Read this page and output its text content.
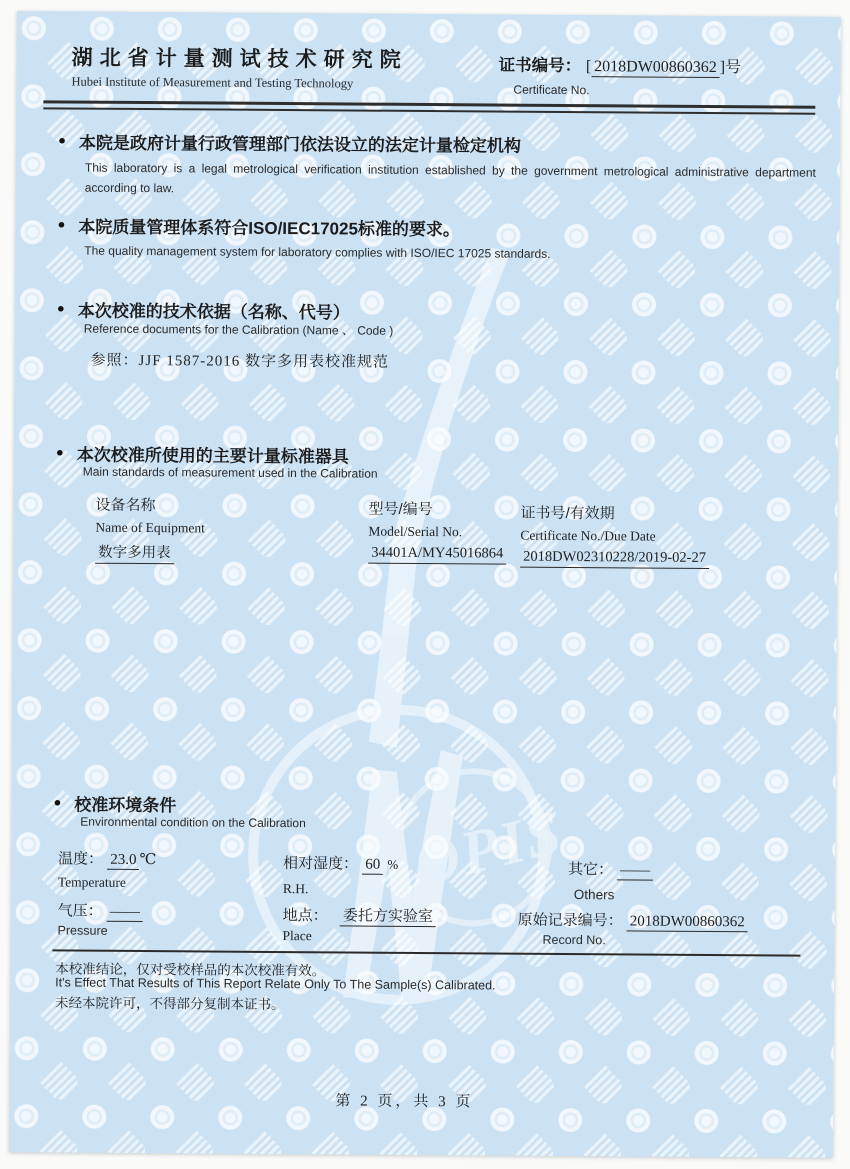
OPIS
湖北省计量测试技术研究院
Hubei Institute of Measurement and Testing Technology
证书编号： [ 2018DW00860362 ]号
Certificate No.
● 本院是政府计量行政管理部门依法设立的法定计量检定机构
This laboratory is a legal metrological verification institution established by the government metrological administrative department
according to law.
● 本院质量管理体系符合ISO/IEC17025标准的要求。
The quality management system for laboratory complies with ISO/IEC 17025 standards.
● 本次校准的技术依据（名称、代号）
Reference documents for the Calibration (Name 、 Code )
参照：JJF 1587-2016 数字多用表校准规范
● 本次校准所使用的主要计量标准器具
Main standards of measurement used in the Calibration
设备名称
Name of Equipment
数字多用表
型号/编号
Model/Serial No.
34401A/MY45016864
证书号/有效期
Certificate No./Due Date
2018DW02310228/2019-02-27
● 校准环境条件
Environmental condition on the Calibration
温度： 23.0 ℃	相对湿度： 60 %	其它： ——
Temperature	R.H.	Others
气压： ——	地点： 委托方实验室	原始记录编号： 2018DW00860362
Pressure	Place	Record No.
本校准结论，仅对受校样品的本次校准有效。
It's Effect That Results of This Report Relate Only To The Sample(s) Calibrated.
未经本院许可，不得部分复制本证书。
第 2 页，共 3 页
